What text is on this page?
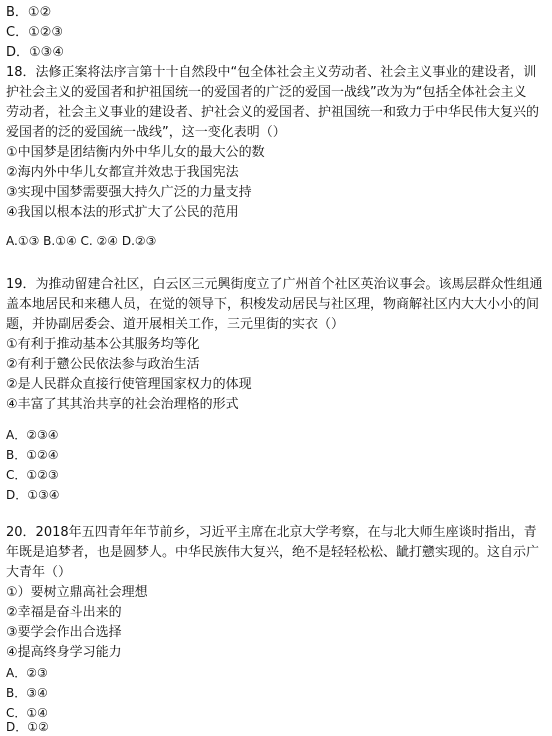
B．①②
C．①②③
D．①③④
18．法修正案将法序言第十十自然段中“包全体社会主义劳动者、社会主义事业的建设者，训
护社会主义的爱国者和护祖国统一的爱国者的广泛的爱国一战线”改为为“包括全体社会主义
劳动者，社会主义事业的建设者、护社会义的爱国者、护祖国统一和致力于中华民伟大复兴的
爱国者的泛的爱国統一战线”，这一变化表明（）
①中国梦是团结衡内外中华儿女的最大公的数
②海内外中华儿女都宣并效忠于我国宪法
③实现中国梦需要强大持久广泛的力量支持
④我国以根本法的形式扩大了公民的范用
A.①③ B.①④ C. ②④ D.②③
19．为推动留建合社区，白云区三元興街度立了广州首个社区英治议事会。该馬层群众性组通
盖本地居民和来穗人员，在觉的领导下，积梭发动居民与社区理，物商解社区内大大小小的间
题，并协副居委会、道开展相关工作，三元里街的实衣（）
①有利于推动基本公其服务均等化
②有利于戆公民依法参与政治生活
②是人民群众直接行使管理国家权力的体现
④丰富了其其治共享的社会治理格的形式
A．②③④
B．①②④
C．①②③
D．①③④
20．2018年五四青年年节前乡，习近平主席在北京大学考察，在与北大师生座谈时指出，青
年既是追梦者，也是圆梦人。中华民族伟大复兴，绝不是轻轻松松、龇打戆实现的。这自示广
大青年（）
①）要树立鼎高社会理想
②幸福是奋斗出来的
③要学会作出合选择
④提高终身学习能力
A．②③
B．③④
C．①④
D．①②
